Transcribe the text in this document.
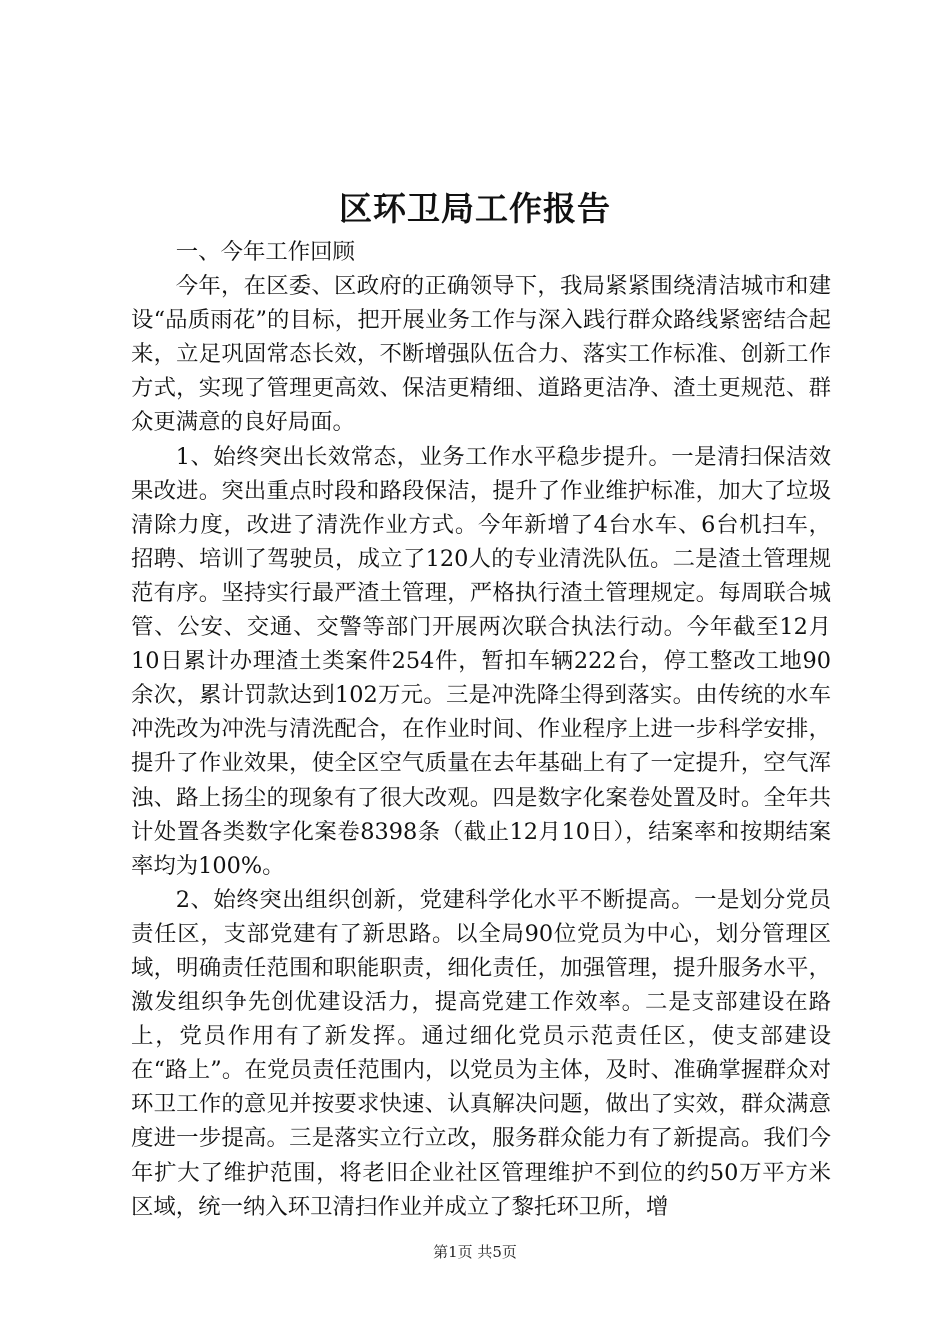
区环卫局工作报告

一、今年工作回顾

今年，在区委、区政府的正确领导下，我局紧紧围绕清洁城市和建设“品质雨花”的目标，把开展业务工作与深入践行群众路线紧密结合起来，立足巩固常态长效，不断增强队伍合力、落实工作标准、创新工作方式，实现了管理更高效、保洁更精细、道路更洁净、渣土更规范、群众更满意的良好局面。

1、始终突出长效常态，业务工作水平稳步提升。一是清扫保洁效果改进。突出重点时段和路段保洁，提升了作业维护标准，加大了垃圾清除力度，改进了清洗作业方式。今年新增了4台水车、6台机扫车，招聘、培训了驾驶员，成立了120人的专业清洗队伍。二是渣土管理规范有序。坚持实行最严渣土管理，严格执行渣土管理规定。每周联合城管、公安、交通、交警等部门开展两次联合执法行动。今年截至12月10日累计办理渣土类案件254件，暂扣车辆222台，停工整改工地90余次，累计罚款达到102万元。三是冲洗降尘得到落实。由传统的水车冲洗改为冲洗与清洗配合，在作业时间、作业程序上进一步科学安排，提升了作业效果，使全区空气质量在去年基础上有了一定提升，空气浑浊、路上扬尘的现象有了很大改观。四是数字化案卷处置及时。全年共计处置各类数字化案卷8398条（截止12月10日），结案率和按期结案率均为100%。

2、始终突出组织创新，党建科学化水平不断提高。一是划分党员责任区，支部党建有了新思路。以全局90位党员为中心，划分管理区域，明确责任范围和职能职责，细化责任，加强管理，提升服务水平，激发组织争先创优建设活力，提高党建工作效率。二是支部建设在路上，党员作用有了新发挥。通过细化党员示范责任区，使支部建设在“路上”。在党员责任范围内，以党员为主体，及时、准确掌握群众对环卫工作的意见并按要求快速、认真解决问题，做出了实效，群众满意度进一步提高。三是落实立行立改，服务群众能力有了新提高。我们今年扩大了维护范围，将老旧企业社区管理维护不到位的约50万平方米区域，统一纳入环卫清扫作业并成立了黎托环卫所，增

第1页 共5页
